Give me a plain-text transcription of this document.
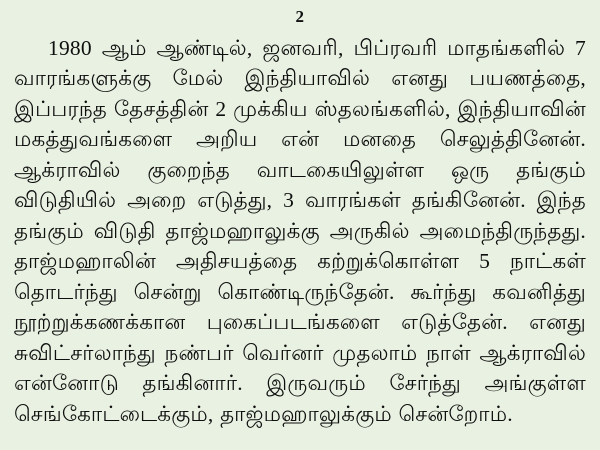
2
1980 ஆம் ஆண்டில், ஜனவரி, பிப்ரவரி மாதங்களில் 7 வாரங்களுக்கு மேல் இந்தியாவில் எனது பயணத்தை, இப்பரந்த தேசத்தின் 2 முக்கிய ஸ்தலங்களில், இந்தியாவின் மகத்துவங்களை அறிய என் மனதை செலுத்தினேன். ஆக்ராவில் குறைந்த வாடகையிலுள்ள ஒரு தங்கும் விடுதியில் அறை எடுத்து, 3 வாரங்கள் தங்கினேன். இந்த தங்கும் விடுதி தாஜ்மஹாலுக்கு அருகில் அமைந்திருந்தது. தாஜ்மஹாலின் அதிசயத்தை கற்றுக்கொள்ள 5 நாட்கள் தொடர்ந்து சென்று கொண்டிருந்தேன். கூர்ந்து கவனித்து நூற்றுக்கணக்கான புகைப்படங்களை எடுத்தேன். எனது சுவிட்சர்லாந்து நண்பர் வெர்னர் முதலாம் நாள் ஆக்ராவில் என்னோடு தங்கினார். இருவரும் சேர்ந்து அங்குள்ள செங்கோட்டைக்கும், தாஜ்மஹாலுக்கும் சென்றோம்.
